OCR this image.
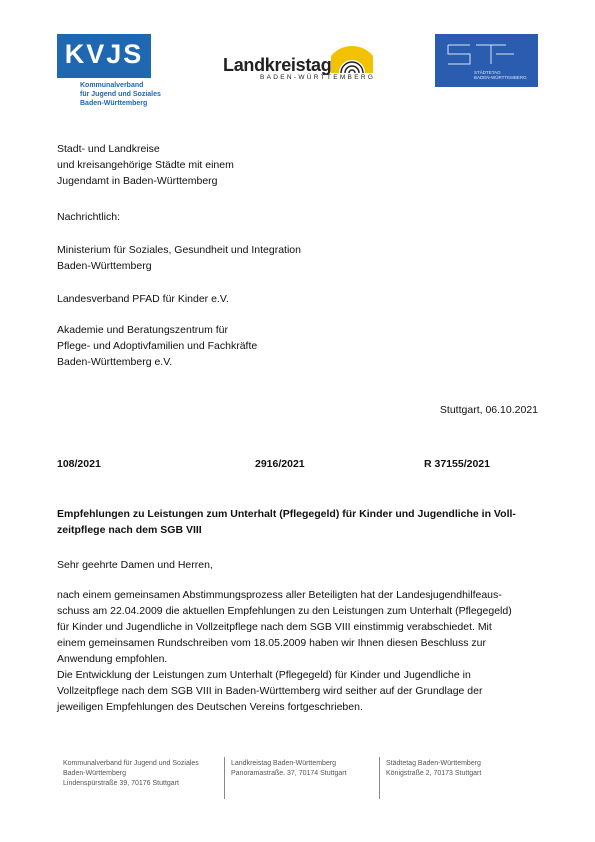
KVJS
Kommunalverband
für Jugend und Soziales
Baden-Württemberg
Landkreistag
BADEN-WÜRTTEMBERG
STÄDTETAG
BADEN-WÜRTTEMBERG
Stadt- und Landkreise
und kreisangehörige Städte mit einem
Jugendamt in Baden-Württemberg
Nachrichtlich:
Ministerium für Soziales, Gesundheit und Integration
Baden-Württemberg
Landesverband PFAD für Kinder e.V.
Akademie und Beratungszentrum für
Pflege- und Adoptivfamilien und Fachkräfte
Baden-Württemberg e.V.
Stuttgart, 06.10.2021
108/2021	2916/2021	R 37155/2021
Empfehlungen zu Leistungen zum Unterhalt (Pflegegeld) für Kinder und Jugendliche in Voll-
zeitpflege nach dem SGB VIII
Sehr geehrte Damen und Herren,
nach einem gemeinsamen Abstimmungsprozess aller Beteiligten hat der Landesjugendhilfeaus-
schuss am 22.04.2009 die aktuellen Empfehlungen zu den Leistungen zum Unterhalt (Pflegegeld)
für Kinder und Jugendliche in Vollzeitpflege nach dem SGB VIII einstimmig verabschiedet. Mit
einem gemeinsamen Rundschreiben vom 18.05.2009 haben wir Ihnen diesen Beschluss zur
Anwendung empfohlen.
Die Entwicklung der Leistungen zum Unterhalt (Pflegegeld) für Kinder und Jugendliche in
Vollzeitpflege nach dem SGB VIII in Baden-Württemberg wird seither auf der Grundlage der
jeweiligen Empfehlungen des Deutschen Vereins fortgeschrieben.
Kommunalverband für Jugend und Soziales
Baden-Württemberg
Lindenspürstraße 39, 70176 Stuttgart
Landkreistag Baden-Württemberg
Panoramastraße. 37, 70174 Stuttgart
Städtetag Baden-Württemberg
Königstraße 2, 70173 Stuttgart
